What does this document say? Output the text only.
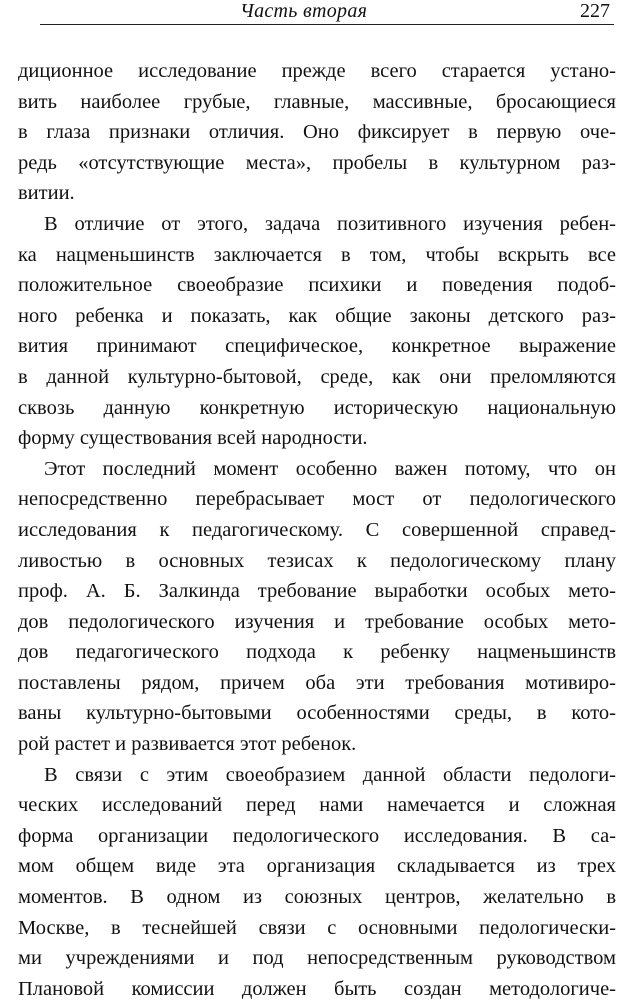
Часть вторая	227
диционное исследование прежде всего старается устано-
вить наиболее грубые, главные, массивные, бросающиеся
в глаза признаки отличия. Оно фиксирует в первую оче-
редь «отсутствующие места», пробелы в культурном раз-
витии.
В отличие от этого, задача позитивного изучения ребен-
ка нацменьшинств заключается в том, чтобы вскрыть все
положительное своеобразие психики и поведения подоб-
ного ребенка и показать, как общие законы детского раз-
вития принимают специфическое, конкретное выражение
в данной культурно-бытовой, среде, как они преломляются
сквозь данную конкретную историческую национальную
форму существования всей народности.
Этот последний момент особенно важен потому, что он
непосредственно перебрасывает мост от педологического
исследования к педагогическому. С совершенной справед-
ливостью в основных тезисах к педологическому плану
проф. А. Б. Залкинда требование выработки особых мето-
дов педологического изучения и требование особых мето-
дов педагогического подхода к ребенку нацменьшинств
поставлены рядом, причем оба эти требования мотивиро-
ваны культурно-бытовыми особенностями среды, в кото-
рой растет и развивается этот ребенок.
В связи с этим своеобразием данной области педологи-
ческих исследований перед нами намечается и сложная
форма организации педологического исследования. В са-
мом общем виде эта организация складывается из трех
моментов. В одном из союзных центров, желательно в
Москве, в теснейшей связи с основными педологически-
ми учреждениями и под непосредственным руководством
Плановой комиссии должен быть создан методологиче-
